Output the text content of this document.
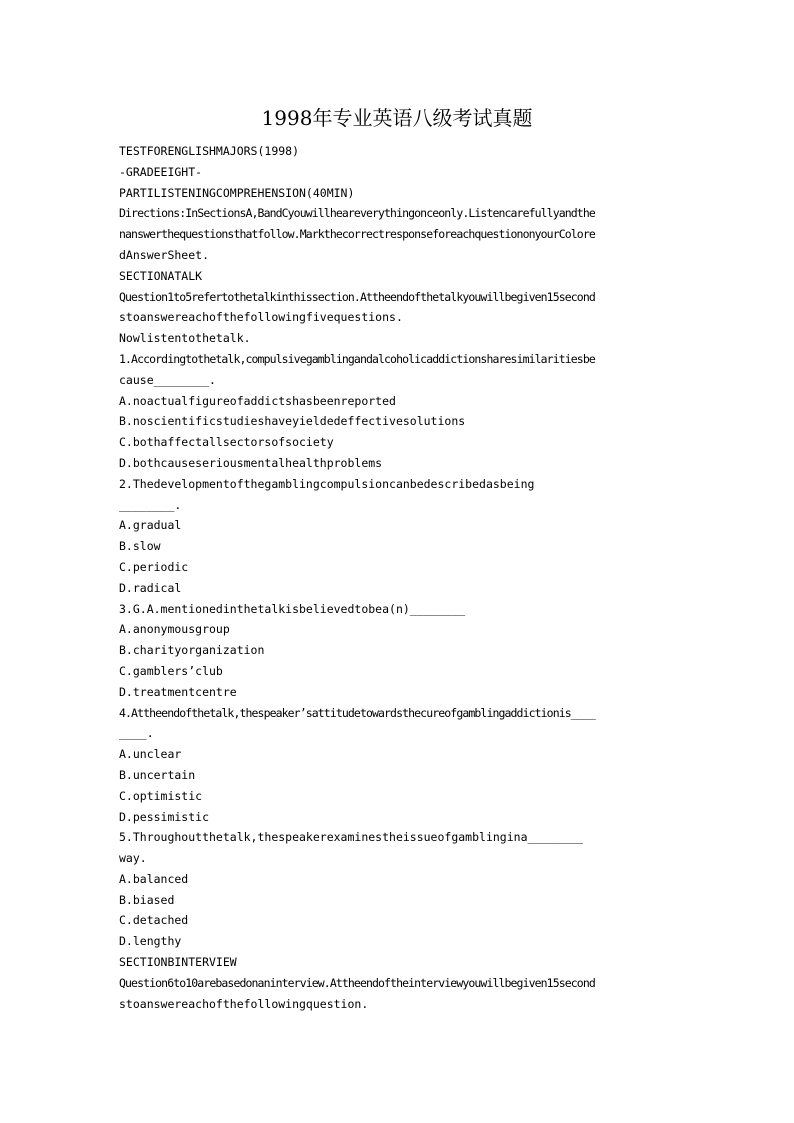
1998年专业英语八级考试真题
TESTFORENGLISHMAJORS(1998)
-GRADEEIGHT-
PARTILISTENINGCOMPREHENSION(40MIN)
Directions:InSectionsA,BandCyouwillheareverythingonceonly.Listencarefullyandthe
nanswerthequestionsthatfollow.MarkthecorrectresponseforeachquestiononyourColore
dAnswerSheet.
SECTIONATALK
Question1to5refertothetalkinthissection.Attheendofthetalkyouwillbegiven15second
stoanswereachofthefollowingfivequestions.
Nowlistentothetalk.
1.Accordingtothetalk,compulsivegamblingandalcoholicaddictionsharesimilaritiesbe
cause________.
A.noactualfigureofaddictshasbeenreported
B.noscientificstudieshaveyieldedeffectivesolutions
C.bothaffectallsectorsofsociety
D.bothcauseseriousmentalhealthproblems
2.Thedevelopmentofthegamblingcompulsioncanbedescribedasbeing
________.
A.gradual
B.slow
C.periodic
D.radical
3.G.A.mentionedinthetalkisbelievedtobea(n)________
A.anonymousgroup
B.charityorganization
C.gamblers’club
D.treatmentcentre
4.Attheendofthetalk,thespeaker’sattitudetowardsthecureofgamblingaddictionis____
____.
A.unclear
B.uncertain
C.optimistic
D.pessimistic
5.Throughoutthetalk,thespeakerexaminestheissueofgamblingina________
way.
A.balanced
B.biased
C.detached
D.lengthy
SECTIONBINTERVIEW
Question6to10arebasedonaninterview.Attheendoftheinterviewyouwillbegiven15second
stoanswereachofthefollowingquestion.
